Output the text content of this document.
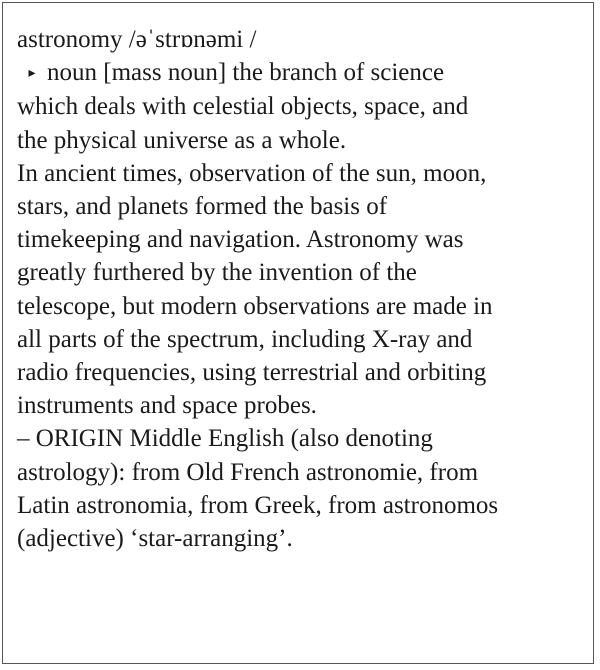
astronomy /əˈstrɒnəmi /
▸ noun [mass noun] the branch of science
which deals with celestial objects, space, and
the physical universe as a whole.
In ancient times, observation of the sun, moon,
stars, and planets formed the basis of
timekeeping and navigation. Astronomy was
greatly furthered by the invention of the
telescope, but modern observations are made in
all parts of the spectrum, including X-ray and
radio frequencies, using terrestrial and orbiting
instruments and space probes.
– ORIGIN Middle English (also denoting
astrology): from Old French astronomie, from
Latin astronomia, from Greek, from astronomos
(adjective) ‘star-arranging’.
